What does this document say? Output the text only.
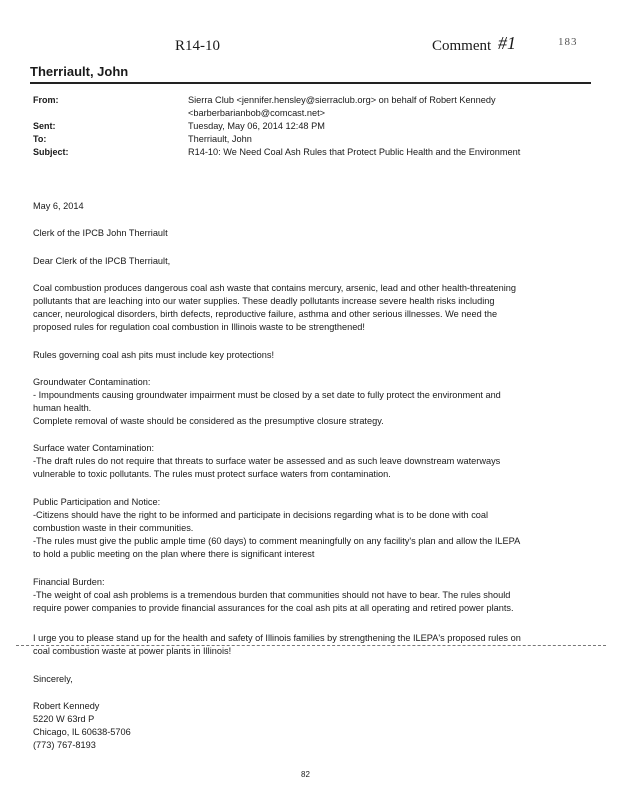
R14-10	Comment #1	183
Therriault, John
From:	Sierra Club <jennifer.hensley@sierraclub.org> on behalf of Robert Kennedy
<barberbarianbob@comcast.net>
Sent:	Tuesday, May 06, 2014 12:48 PM
To:	Therriault, John
Subject:	R14-10: We Need Coal Ash Rules that Protect Public Health and the Environment
May 6, 2014
Clerk of the IPCB John Therriault
Dear Clerk of the IPCB Therriault,
Coal combustion produces dangerous coal ash waste that contains mercury, arsenic, lead and other health-threatening
pollutants that are leaching into our water supplies. These deadly pollutants increase severe health risks including
cancer, neurological disorders, birth defects, reproductive failure, asthma and other serious illnesses. We need the
proposed rules for regulation coal combustion in Illinois waste to be strengthened!
Rules governing coal ash pits must include key protections!
Groundwater Contamination:
- Impoundments causing groundwater impairment must be closed by a set date to fully protect the environment and
human health.
Complete removal of waste should be considered as the presumptive closure strategy.
Surface water Contamination:
-The draft rules do not require that threats to surface water be assessed and as such leave downstream waterways
vulnerable to toxic pollutants. The rules must protect surface waters from contamination.
Public Participation and Notice:
-Citizens should have the right to be informed and participate in decisions regarding what is to be done with coal
combustion waste in their communities.
-The rules must give the public ample time (60 days) to comment meaningfully on any facility's plan and allow the ILEPA
to hold a public meeting on the plan where there is significant interest
Financial Burden:
-The weight of coal ash problems is a tremendous burden that communities should not have to bear. The rules should
require power companies to provide financial assurances for the coal ash pits at all operating and retired power plants.
I urge you to please stand up for the health and safety of Illinois families by strengthening the ILEPA's proposed rules on
coal combustion waste at power plants in Illinois!
Sincerely,
Robert Kennedy
5220 W 63rd P
Chicago, IL 60638-5706
(773) 767-8193
82
